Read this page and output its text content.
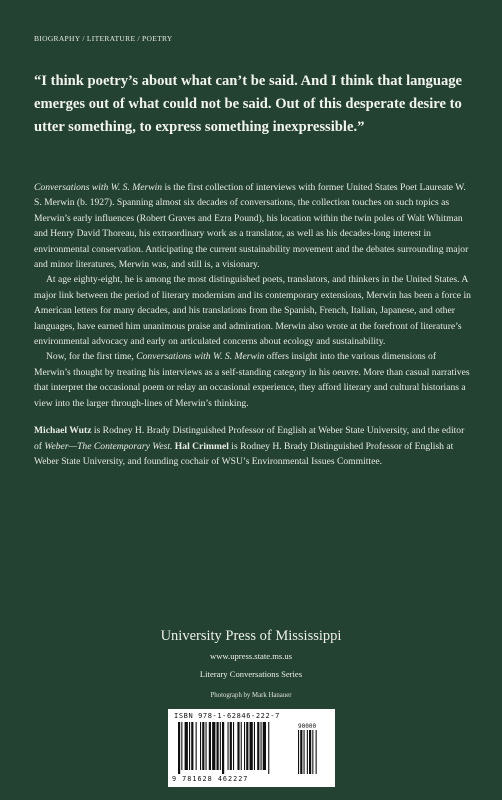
BIOGRAPHY / LITERATURE / POETRY

“I think poetry’s about what can’t be said. And I think that language emerges out of what could not be said. Out of this desperate desire to utter something, to express something inexpressible.”

Conversations with W. S. Merwin is the first collection of interviews with former United States Poet Laureate W. S. Merwin (b. 1927). Spanning almost six decades of conversations, the collection touches on such topics as Merwin’s early influences (Robert Graves and Ezra Pound), his location within the twin poles of Walt Whitman and Henry David Thoreau, his extraordinary work as a translator, as well as his decades-long interest in environmental conservation. Anticipating the current sustainability movement and the debates surrounding major and minor literatures, Merwin was, and still is, a visionary.

At age eighty-eight, he is among the most distinguished poets, translators, and thinkers in the United States. A major link between the period of literary modernism and its contemporary extensions, Merwin has been a force in American letters for many decades, and his translations from the Spanish, French, Italian, Japanese, and other languages, have earned him unanimous praise and admiration. Merwin also wrote at the forefront of literature’s environmental advocacy and early on articulated concerns about ecology and sustainability.

Now, for the first time, Conversations with W. S. Merwin offers insight into the various dimensions of Merwin’s thought by treating his interviews as a self-standing category in his oeuvre. More than casual narratives that interpret the occasional poem or relay an occasional experience, they afford literary and cultural historians a view into the larger through-lines of Merwin’s thinking.

Michael Wutz is Rodney H. Brady Distinguished Professor of English at Weber State University, and the editor of Weber—The Contemporary West. Hal Crimmel is Rodney H. Brady Distinguished Professor of English at Weber State University, and founding cochair of WSU’s Environmental Issues Committee.

University Press of Mississippi
www.upress.state.ms.us
Literary Conversations Series
Photograph by Mark Hanauer
ISBN 978-1-62846-222-7
90000
9 781628 462227
